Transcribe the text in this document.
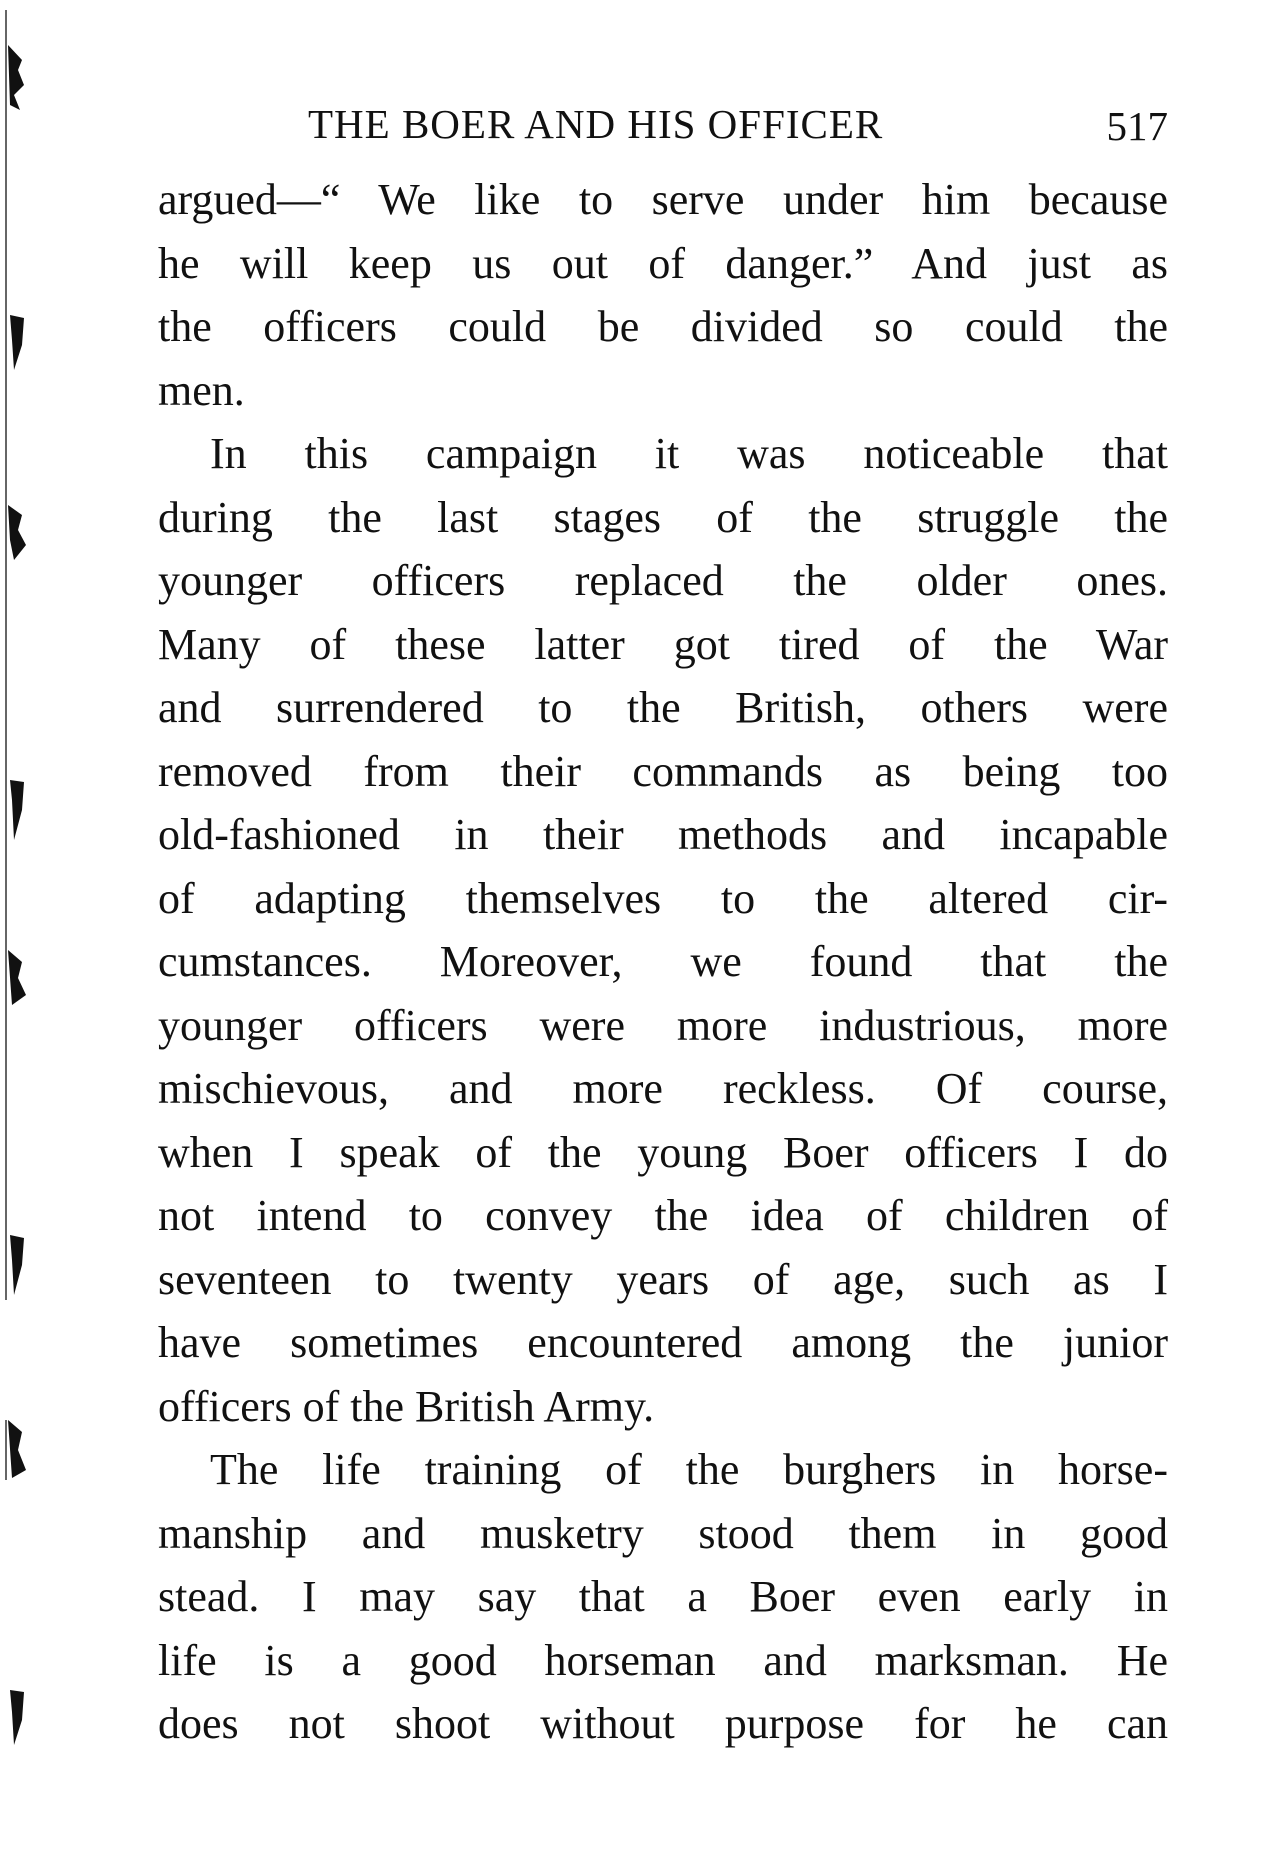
THE BOER AND HIS OFFICER	517
argued—“ We like to serve under him because
he will keep us out of danger.” And just as
the officers could be divided so could the
men.
In this campaign it was noticeable that
during the last stages of the struggle the
younger officers replaced the older ones.
Many of these latter got tired of the War
and surrendered to the British, others were
removed from their commands as being too
old-fashioned in their methods and incapable
of adapting themselves to the altered cir-
cumstances. Moreover, we found that the
younger officers were more industrious, more
mischievous, and more reckless. Of course,
when I speak of the young Boer officers I do
not intend to convey the idea of children of
seventeen to twenty years of age, such as I
have sometimes encountered among the junior
officers of the British Army.
The life training of the burghers in horse-
manship and musketry stood them in good
stead. I may say that a Boer even early in
life is a good horseman and marksman. He
does not shoot without purpose for he can
